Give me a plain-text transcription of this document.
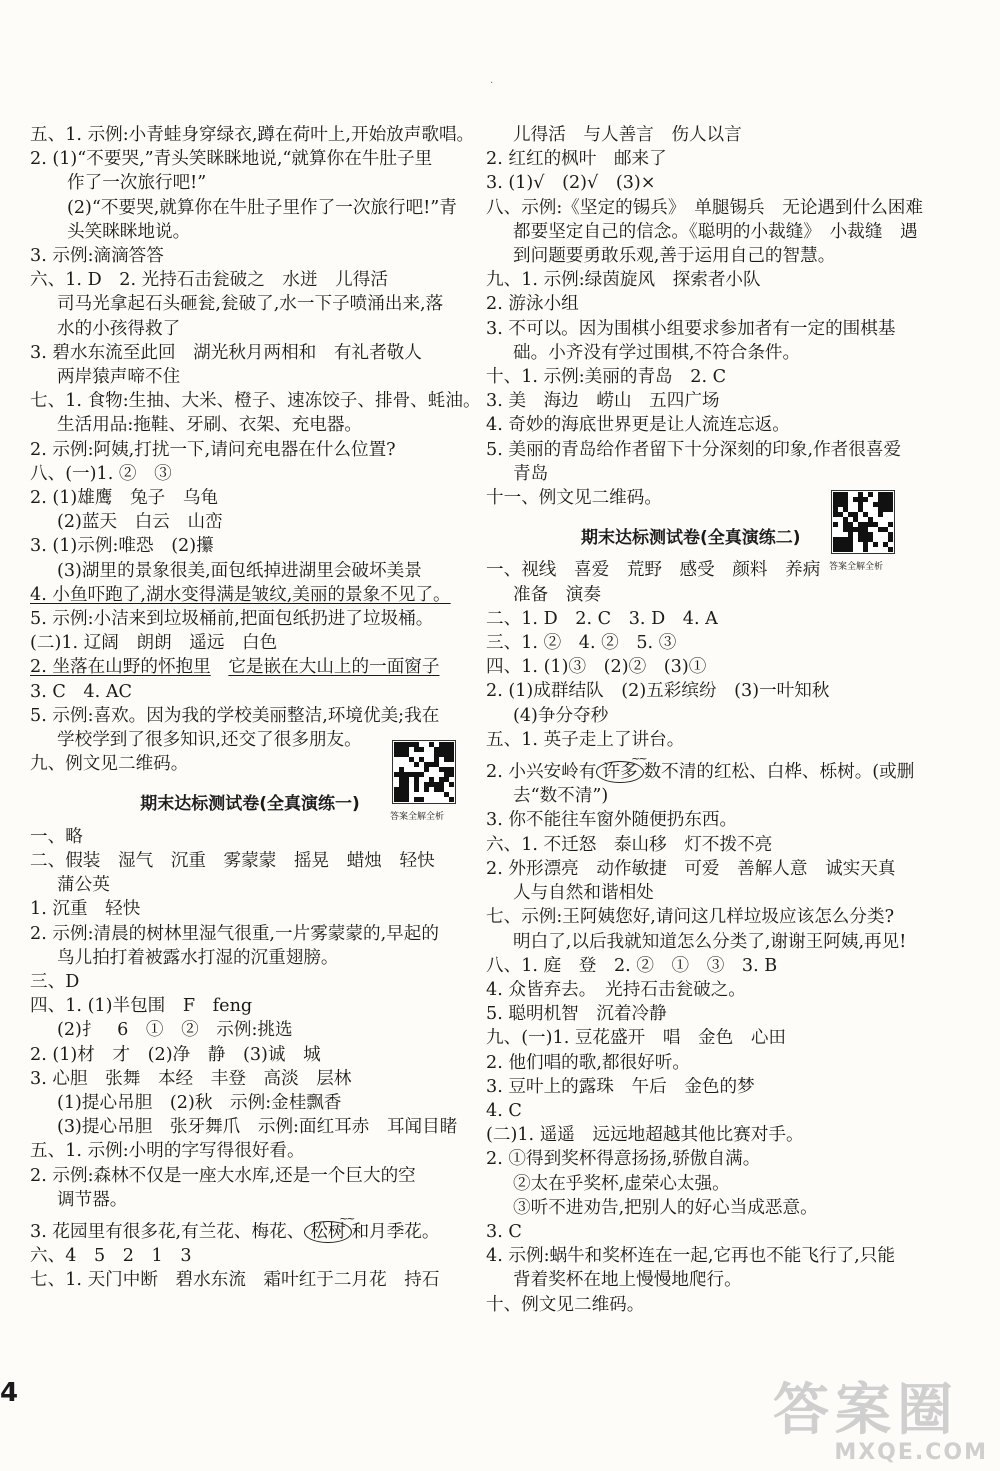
·
五、1. 示例:小青蛙身穿绿衣,蹲在荷叶上,开始放声歌唱。
2. (1)“不要哭,”青头笑眯眯地说,“就算你在牛肚子里
作了一次旅行吧!”
(2)“不要哭,就算你在牛肚子里作了一次旅行吧!”青
头笑眯眯地说。
3. 示例:滴滴答答
六、1. D　2. 光持石击瓮破之　水迸　儿得活
司马光拿起石头砸瓮,瓮破了,水一下子喷涌出来,落
水的小孩得救了
3. 碧水东流至此回　湖光秋月两相和　有礼者敬人
两岸猿声啼不住
七、1. 食物:生抽、大米、橙子、速冻饺子、排骨、蚝油。
生活用品:拖鞋、牙刷、衣架、充电器。
2. 示例:阿姨,打扰一下,请问充电器在什么位置?
八、(一)1. ②　③
2. (1)雄鹰　兔子　乌龟
(2)蓝天　白云　山峦
3. (1)示例:唯恐　(2)攥
(3)湖里的景象很美,面包纸掉进湖里会破坏美景
4. 小鱼吓跑了,湖水变得满是皱纹,美丽的景象不见了。
5. 示例:小洁来到垃圾桶前,把面包纸扔进了垃圾桶。
(二)1. 辽阔　朗朗　遥远　白色
2. 坐落在山野的怀抱里　 它是嵌在大山上的一面窗子
3. C　4. AC
5. 示例:喜欢。因为我的学校美丽整洁,环境优美;我在
学校学到了很多知识,还交了很多朋友。
九、例文见二维码。
期末达标测试卷(全真演练一)
答案全解全析
一、略
二、假装　湿气　沉重　雾蒙蒙　摇晃　蜡烛　轻快
蒲公英
1. 沉重　轻快
2. 示例:清晨的树林里湿气很重,一片雾蒙蒙的,早起的
鸟儿拍打着被露水打湿的沉重翅膀。
三、D
四、1. (1)半包围　F　feng
(2)扌　6　①　②　示例:挑选
2. (1)材　才　(2)净　静　(3)诚　城
3. 心胆　张舞　本经　丰登　高淡　层林
(1)提心吊胆　(2)秋　示例:金桂飘香
(3)提心吊胆　张牙舞爪　示例:面红耳赤　耳闻目睹
五、1. 示例:小明的字写得很好看。
2. 示例:森林不仅是一座大水库,还是一个巨大的空
调节器。
3. 花园里有很多花,有兰花、梅花、 松树 ~~ 和月季花。
六、4　5　2　1　3
七、1. 天门中断　碧水东流　霜叶红于二月花　持石
儿得活　与人善言　伤人以言
2. 红红的枫叶　邮来了
3. (1)√　(2)√　(3)×
八、示例:《坚定的锡兵》　单腿锡兵　无论遇到什么困难
都要坚定自己的信念。《聪明的小裁缝》　小裁缝　遇
到问题要勇敢乐观,善于运用自己的智慧。
九、1. 示例:绿茵旋风　探索者小队
2. 游泳小组
3. 不可以。因为围棋小组要求参加者有一定的围棋基
础。小齐没有学过围棋,不符合条件。
十、1. 示例:美丽的青岛　2. C
3. 美　海边　崂山　五四广场
4. 奇妙的海底世界更是让人流连忘返。
5. 美丽的青岛给作者留下十分深刻的印象,作者很喜爱
青岛
十一、例文见二维码。
期末达标测试卷(全真演练二)
答案全解全析
一、视线　喜爱　荒野　感受　颜料　养病
准备　演奏
二、1. D　2. C　3. D　4. A
三、1. ②　4. ②　5. ③
四、1. (1)③　(2)②　(3)①
2. (1)成群结队　(2)五彩缤纷　(3)一叶知秋
(4)争分夺秒
五、1. 英子走上了讲台。
2. 小兴安岭有 许多 ~~ 数不清的红松、白桦、栎树。(或删
去“数不清”)
3. 你不能往车窗外随便扔东西。
六、1. 不迁怒　泰山移　灯不拨不亮
2. 外形漂亮　动作敏捷　可爱　善解人意　诚实天真
人与自然和谐相处
七、示例:王阿姨您好,请问这几样垃圾应该怎么分类?
明白了,以后我就知道怎么分类了,谢谢王阿姨,再见!
八、1. 庭　登　2. ②　①　③　3. B
4. 众皆弃去。　光持石击瓮破之。
5. 聪明机智　沉着冷静
九、(一)1. 豆花盛开　唱　金色　心田
2. 他们唱的歌,都很好听。
3. 豆叶上的露珠　午后　金色的梦
4. C
(二)1. 遥遥　远远地超越其他比赛对手。
2. ①得到奖杯得意扬扬,骄傲自满。
②太在乎奖杯,虚荣心太强。
③听不进劝告,把别人的好心当成恶意。
3. C
4. 示例:蜗牛和奖杯连在一起,它再也不能飞行了,只能
背着奖杯在地上慢慢地爬行。
十、例文见二维码。
4	答案圈
MXQE.COM
